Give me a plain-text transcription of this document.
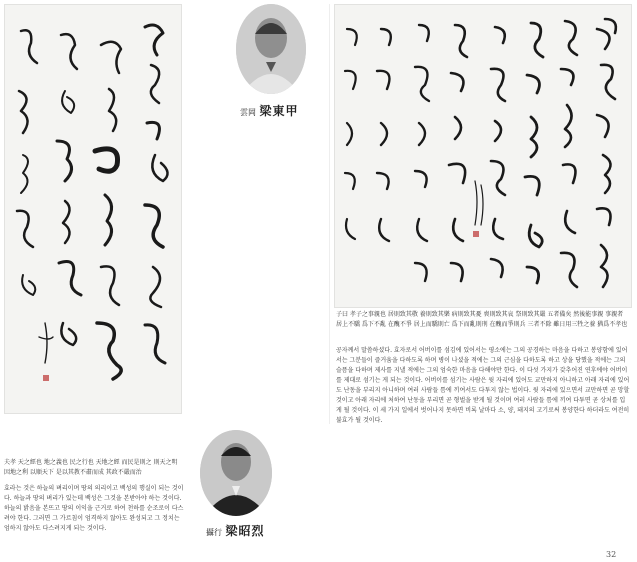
雲岡 梁東甲
攝行 梁昭烈
夫孝 天之經也 地之義也 民之行也 天地之經 而民是則之 則天之明 因地之利 以順天下 是以其教不肅而成 其政不嚴而治
효라는 것은 하늘의 벼리이며 땅의 의리이고 백성의 행실이 되는 것이다. 하늘과 땅의 벼리가 있는데 백성은 그것을 본받아야 하는 것이다. 하늘의 밝음을 본뜨고 땅의 이익을 근거로 하여 천하를 순조로이 다스려야 한다. 그러면 그 가르침이 엄격하지 않아도 완성되고 그 정치는 엄하지 않아도 다스려지게 되는 것이다.
子曰 孝子之事親也 居則致其敬 養則致其樂 病則致其憂 喪則致其哀 祭則致其嚴 五者備矣 然後能事親 事親者 居上不驕 爲下不亂 在醜不爭 居上而驕則亡 爲下而亂則刑 在醜而爭則兵 三者不除 雖日用三牲之養 猶爲不孝也
공자께서 말씀하셨다. 효자로서 어버이를 섬김에 있어서는 평소에는 그의 공경하는 마음을 다하고 봉양함에 있어서는 그분들이 즐거움을 다하도록 하며 병이 나셨을 적에는 그의 근심을 다하도록 하고 상을 당했을 적에는 그의 슬픔을 다하며 제사를 지낼 적에는 그의 엄숙한 마음을 다해야만 한다. 이 다섯 가지가 갖추어진 연후에야 어버이를 제대로 섬기는 게 되는 것이다. 어버이를 섬기는 사람은 윗 자리에 있어도 교만하지 아니하고 아래 자리에 있어도 난동을 부리지 아니하며 여러 사람들 틈에 끼여서도 다투지 않는 법이다. 윗 자리에 있으면서 교만하면 곧 망할 것이고 아래 자리에 처하여 난동을 부리면 곧 형벌을 받게 될 것이며 여러 사람들 틈에 끼여 다투면 곧 상처를 입게 될 것이다. 이 세 가지 일에서 벗어나지 못하면 비록 날마다 소, 양, 돼지의 고기로써 봉양한다 하더라도 여전히 불효가 될 것이다.
32
